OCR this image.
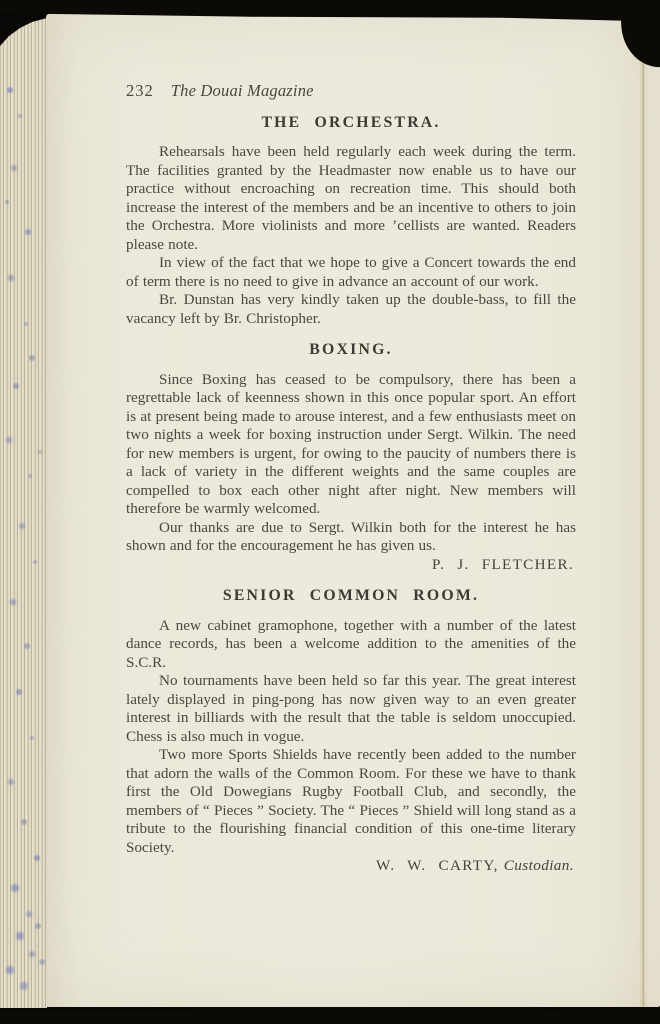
232 The Douai Magazine
THE ORCHESTRA.

Rehearsals have been held regularly each week during the term. The facilities granted by the Headmaster now enable us to have our practice without encroaching on recreation time. This should both increase the interest of the members and be an incentive to others to join the Orchestra. More violinists and more ’cellists are wanted. Readers please note.

In view of the fact that we hope to give a Concert towards the end of term there is no need to give in advance an account of our work.

Br. Dunstan has very kindly taken up the double-bass, to fill the vacancy left by Br. Christopher.

BOXING.

Since Boxing has ceased to be compulsory, there has been a regrettable lack of keenness shown in this once popular sport. An effort is at present being made to arouse interest, and a few enthusiasts meet on two nights a week for boxing instruction under Sergt. Wilkin. The need for new members is urgent, for owing to the paucity of numbers there is a lack of variety in the different weights and the same couples are compelled to box each other night after night. New members will therefore be warmly welcomed.

Our thanks are due to Sergt. Wilkin both for the interest he has shown and for the encouragement he has given us.

P. J. FLETCHER.
SENIOR COMMON ROOM.

A new cabinet gramophone, together with a number of the latest dance records, has been a welcome addition to the amenities of the S.C.R.

No tournaments have been held so far this year. The great interest lately displayed in ping-pong has now given way to an even greater interest in billiards with the result that the table is seldom unoccupied. Chess is also much in vogue.

Two more Sports Shields have recently been added to the number that adorn the walls of the Common Room. For these we have to thank first the Old Dowegians Rugby Football Club, and secondly, the members of “ Pieces ” Society. The “ Pieces ” Shield will long stand as a tribute to the flourishing financial condition of this one-time literary Society.

W. W. CARTY, Custodian.
